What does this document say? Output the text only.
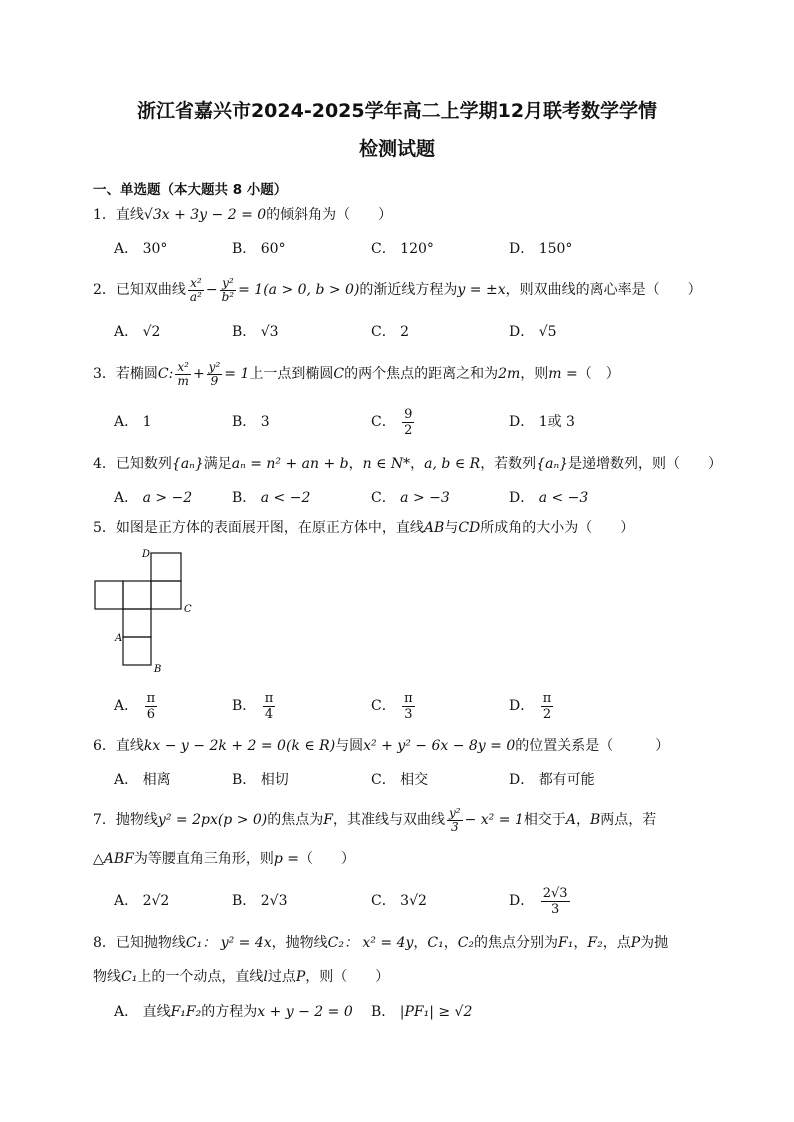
浙江省嘉兴市2024-2025学年高二上学期12月联考数学学情
检测试题
一、单选题（本大题共 8 小题）
1．直线√3x + 3y − 2 = 0的倾斜角为（　　）
A． 30°	B． 60°	C． 120°	D． 150°
2．已知双曲线 $\frac{\text{x²}}{\text{a²}} - \frac{\text{y²}}{\text{b²}} = 1(a > 0$, b > 0)的渐近线方程为y = ±x，则双曲线的离心率是（　　）
A． √2	B． √3	C． 2	D． √5
3．若椭圆C: $\frac{\text{x²}}{m} + \frac{\text{y²}}{9} = 1$上一点到椭圆C的两个焦点的距离之和为2m，则m =（　）
A． 1	B． 3	C． $\frac{9}{2}$	D． 1或 3
4．已知数列{aₙ}满足aₙ = n² + an + b，n ∈ N*，a, b ∈ R，若数列{aₙ}是递增数列，则（　　）
A． a > −2	B． a < −2	C． a > −3	D． a < −3
5．如图是正方体的表面展开图，在原正方体中，直线AB与CD所成角的大小为（　　）
D
C
A
B
A． $\frac{\pi}{6}$	B． $\frac{\pi}{4}$	C． $\frac{\pi}{3}$	D． $\frac{\pi}{2}$
6．直线kx − y − 2k + 2 = 0(k ∈ R)与圆x² + y² − 6x − 8y = 0的位置关系是（　　　）
A． 相离	B． 相切	C． 相交	D． 都有可能
7．抛物线y² = 2px(p > 0)的焦点为F，其准线与双曲线 $\frac{\text{y²}}{3} - x^2 = 1$相交于A，B两点，若
△ABF为等腰直角三角形，则p =（　　）
A． 2√2	B． 2√3	C． 3√2	D． $\frac{2√3}{3}$
8．已知抛物线C₁： y² = 4x，抛物线C₂： x² = 4y，C₁，C₂的焦点分别为F₁，F₂，点P为抛
物线C₁上的一个动点，直线l过点P，则（　　）
A． 直线F₁F₂的方程为x + y − 2 = 0 B． |PF₁| ≥ √2
